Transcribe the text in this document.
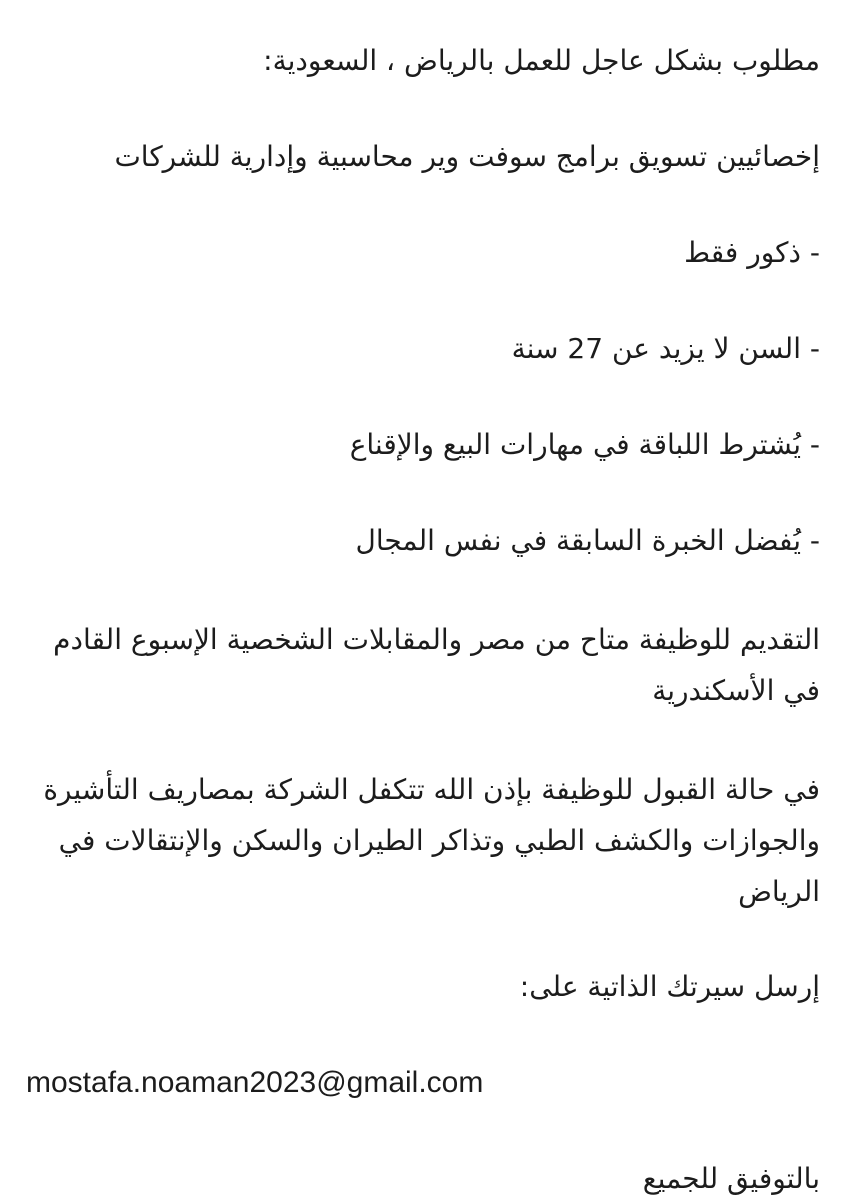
مطلوب بشكل عاجل للعمل بالرياض ، السعودية:
إخصائيين تسويق برامج سوفت وير محاسبية وإدارية للشركات
- ذكور فقط
- السن لا يزيد عن 27 سنة
- يُشترط اللباقة في مهارات البيع والإقناع
- يُفضل الخبرة السابقة في نفس المجال
التقديم للوظيفة متاح من مصر والمقابلات الشخصية الإسبوع القادم في الأسكندرية
في حالة القبول للوظيفة بإذن الله تتكفل الشركة بمصاريف التأشيرة والجوازات والكشف الطبي وتذاكر الطيران والسكن والإنتقالات في الرياض
إرسل سيرتك الذاتية على:
mostafa.noaman2023@gmail.com
بالتوفيق للجميع
